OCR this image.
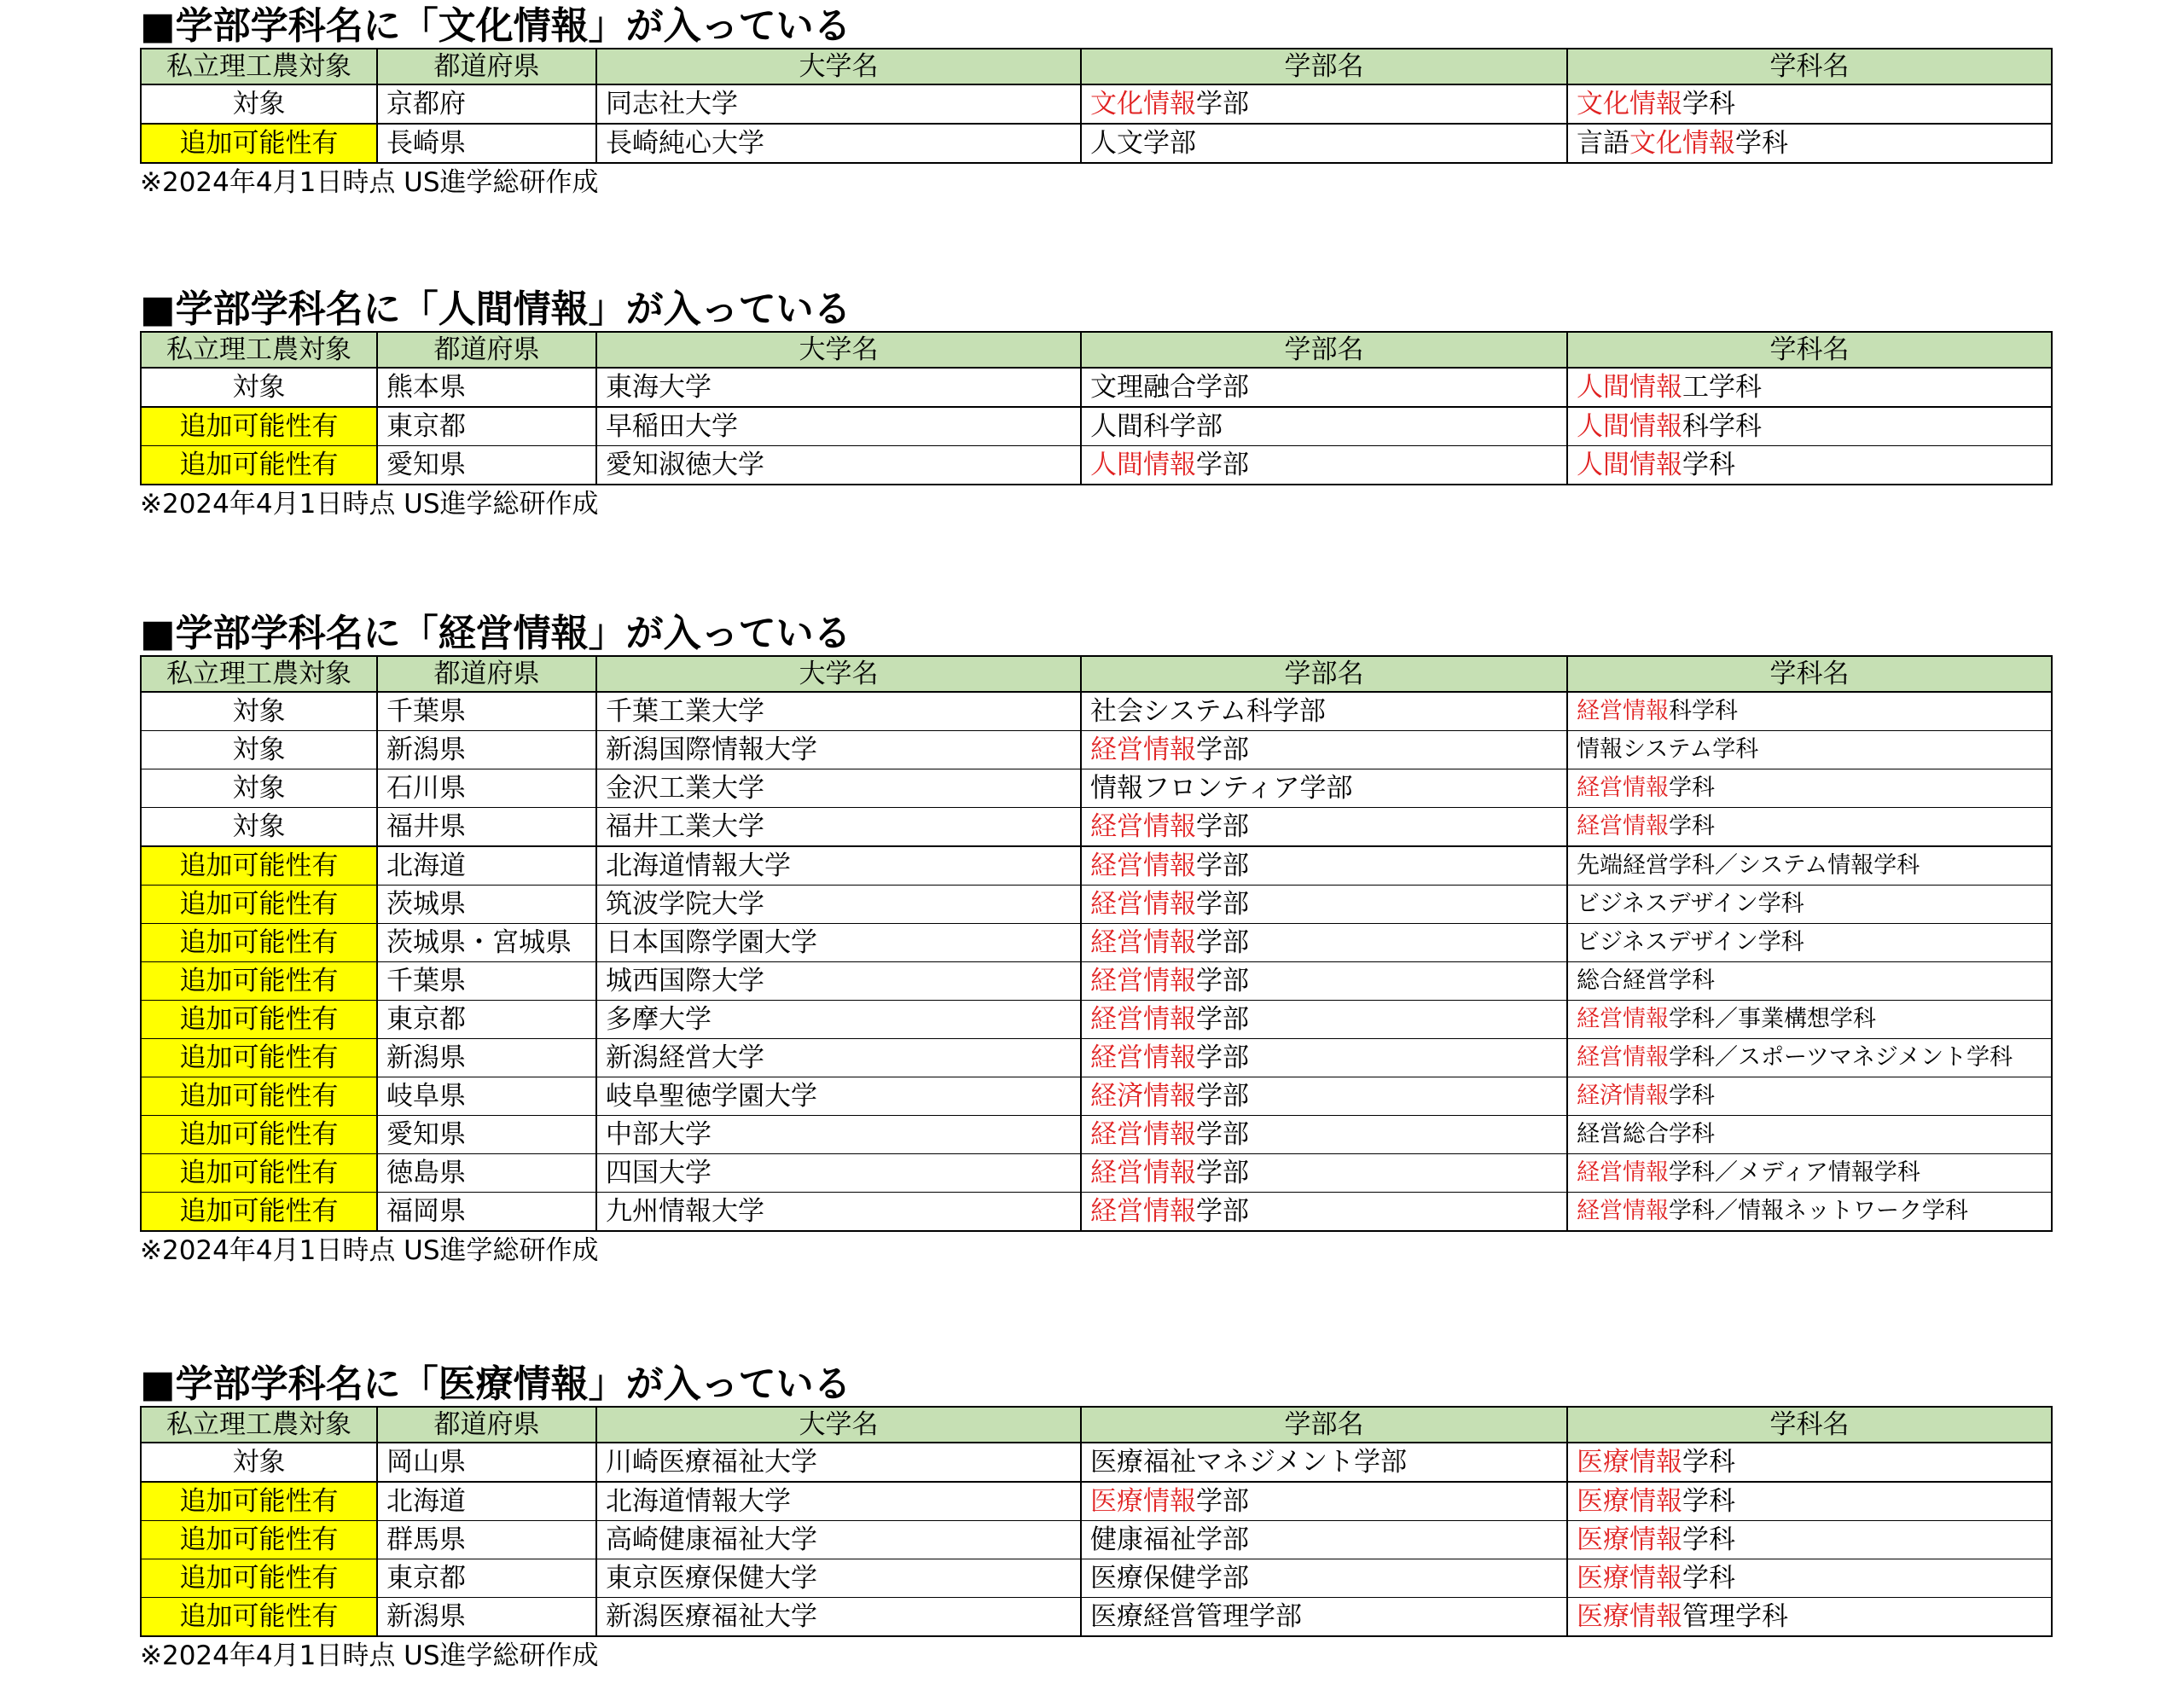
■学部学科名に「文化情報」が入っている
私立理工農対象	都道府県	大学名	学部名	学科名
対象	京都府	同志社大学	文化情報学部	文化情報学科
追加可能性有	長崎県	長崎純心大学	人文学部	言語文化情報学科
※2024年4月1日時点 US進学総研作成
■学部学科名に「人間情報」が入っている
私立理工農対象	都道府県	大学名	学部名	学科名
対象	熊本県	東海大学	文理融合学部	人間情報工学科
追加可能性有	東京都	早稲田大学	人間科学部	人間情報科学科
追加可能性有	愛知県	愛知淑徳大学	人間情報学部	人間情報学科
※2024年4月1日時点 US進学総研作成
■学部学科名に「経営情報」が入っている
私立理工農対象	都道府県	大学名	学部名	学科名
対象	千葉県	千葉工業大学	社会システム科学部	経営情報科学科
対象	新潟県	新潟国際情報大学	経営情報学部	情報システム学科
対象	石川県	金沢工業大学	情報フロンティア学部	経営情報学科
対象	福井県	福井工業大学	経営情報学部	経営情報学科
追加可能性有	北海道	北海道情報大学	経営情報学部	先端経営学科／システム情報学科
追加可能性有	茨城県	筑波学院大学	経営情報学部	ビジネスデザイン学科
追加可能性有	茨城県・宮城県	日本国際学園大学	経営情報学部	ビジネスデザイン学科
追加可能性有	千葉県	城西国際大学	経営情報学部	総合経営学科
追加可能性有	東京都	多摩大学	経営情報学部	経営情報学科／事業構想学科
追加可能性有	新潟県	新潟経営大学	経営情報学部	経営情報学科／スポーツマネジメント学科
追加可能性有	岐阜県	岐阜聖徳学園大学	経済情報学部	経済情報学科
追加可能性有	愛知県	中部大学	経営情報学部	経営総合学科
追加可能性有	徳島県	四国大学	経営情報学部	経営情報学科／メディア情報学科
追加可能性有	福岡県	九州情報大学	経営情報学部	経営情報学科／情報ネットワーク学科
※2024年4月1日時点 US進学総研作成
■学部学科名に「医療情報」が入っている
私立理工農対象	都道府県	大学名	学部名	学科名
対象	岡山県	川崎医療福祉大学	医療福祉マネジメント学部	医療情報学科
追加可能性有	北海道	北海道情報大学	医療情報学部	医療情報学科
追加可能性有	群馬県	高崎健康福祉大学	健康福祉学部	医療情報学科
追加可能性有	東京都	東京医療保健大学	医療保健学部	医療情報学科
追加可能性有	新潟県	新潟医療福祉大学	医療経営管理学部	医療情報管理学科
※2024年4月1日時点 US進学総研作成
